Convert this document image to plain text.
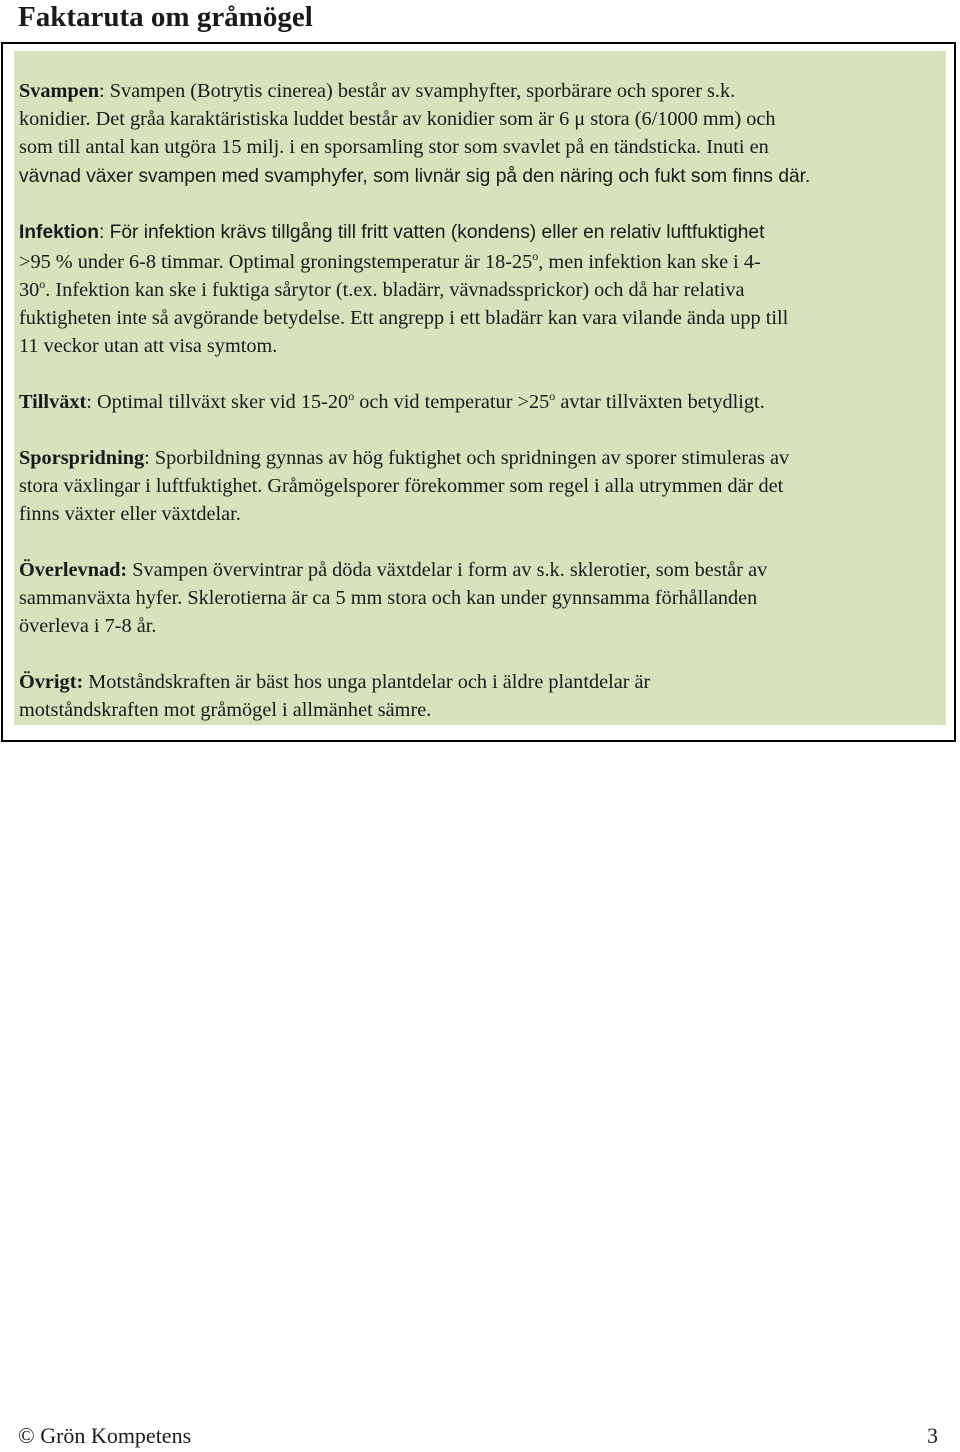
Faktaruta om gråmögel

Svampen: Svampen (Botrytis cinerea) består av svamphyfter, sporbärare och sporer s.k.
konidier. Det gråa karaktäristiska luddet består av konidier som är 6 μ stora (6/1000 mm) och
som till antal kan utgöra 15 milj. i en sporsamling stor som svavlet på en tändsticka. Inuti en
vävnad växer svampen med svamphyfer, som livnär sig på den näring och fukt som finns där.

Infektion: För infektion krävs tillgång till fritt vatten (kondens) eller en relativ luftfuktighet
>95 % under 6-8 timmar. Optimal groningstemperatur är 18-25$^o$, men infektion kan ske i 4-
30$^o$. Infektion kan ske i fuktiga sårytor (t.ex. bladärr, vävnadssprickor) och då har relativa
fuktigheten inte så avgörande betydelse. Ett angrepp i ett bladärr kan vara vilande ända upp till
11 veckor utan att visa symtom.

Tillväxt: Optimal tillväxt sker vid 15-20$^o$ och vid temperatur $>25^o$ avtar tillväxten betydligt.

Sporspridning: Sporbildning gynnas av hög fuktighet och spridningen av sporer stimuleras av
stora växlingar i luftfuktighet. Gråmögelsporer förekommer som regel i alla utrymmen där det
finns växter eller växtdelar.

Överlevnad: Svampen övervintrar på döda växtdelar i form av s.k. sklerotier, som består av
sammanväxta hyfer. Sklerotierna är ca 5 mm stora och kan under gynnsamma förhållanden
överleva i 7-8 år.

Övrigt: Motståndskraften är bäst hos unga plantdelar och i äldre plantdelar är
motståndskraften mot gråmögel i allmänhet sämre.

© Grön Kompetens	3
